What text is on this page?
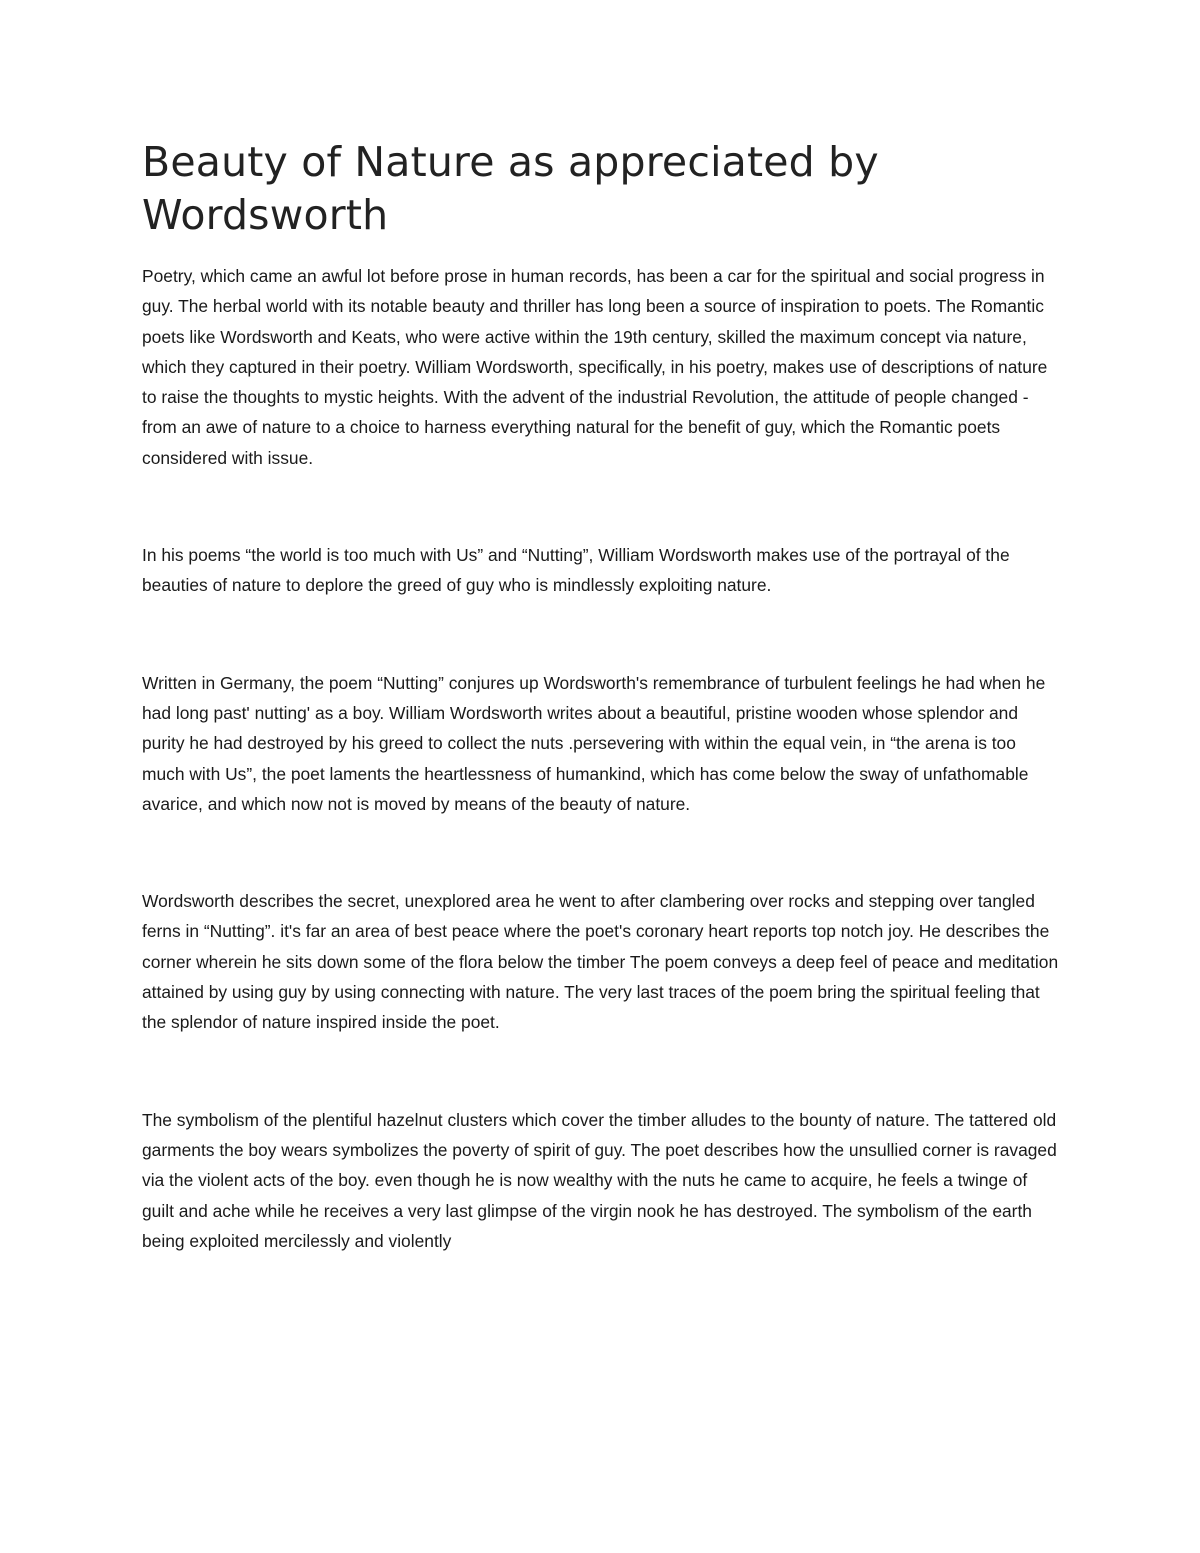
Beauty of Nature as appreciated by Wordsworth

Poetry, which came an awful lot before prose in human records, has been a car for the spiritual and social progress in guy. The herbal world with its notable beauty and thriller has long been a source of inspiration to poets. The Romantic poets like Wordsworth and Keats, who were active within the 19th century, skilled the maximum concept via nature, which they captured in their poetry. William Wordsworth, specifically, in his poetry, makes use of descriptions of nature to raise the thoughts to mystic heights. With the advent of the industrial Revolution, the attitude of people changed - from an awe of nature to a choice to harness everything natural for the benefit of guy, which the Romantic poets considered with issue.

In his poems “the world is too much with Us” and “Nutting”, William Wordsworth makes use of the portrayal of the beauties of nature to deplore the greed of guy who is mindlessly exploiting nature.

Written in Germany, the poem “Nutting” conjures up Wordsworth's remembrance of turbulent feelings he had when he had long past' nutting' as a boy. William Wordsworth writes about a beautiful, pristine wooden whose splendor and purity he had destroyed by his greed to collect the nuts .persevering with within the equal vein, in “the arena is too much with Us”, the poet laments the heartlessness of humankind, which has come below the sway of unfathomable avarice, and which now not is moved by means of the beauty of nature.

Wordsworth describes the secret, unexplored area he went to after clambering over rocks and stepping over tangled ferns in “Nutting”. it's far an area of best peace where the poet's coronary heart reports top notch joy. He describes the corner wherein he sits down some of the flora below the timber The poem conveys a deep feel of peace and meditation attained by using guy by using connecting with nature. The very last traces of the poem bring the spiritual feeling that the splendor of nature inspired inside the poet.

The symbolism of the plentiful hazelnut clusters which cover the timber alludes to the bounty of nature. The tattered old garments the boy wears symbolizes the poverty of spirit of guy. The poet describes how the unsullied corner is ravaged via the violent acts of the boy. even though he is now wealthy with the nuts he came to acquire, he feels a twinge of guilt and ache while he receives a very last glimpse of the virgin nook he has destroyed. The symbolism of the earth being exploited mercilessly and violently
